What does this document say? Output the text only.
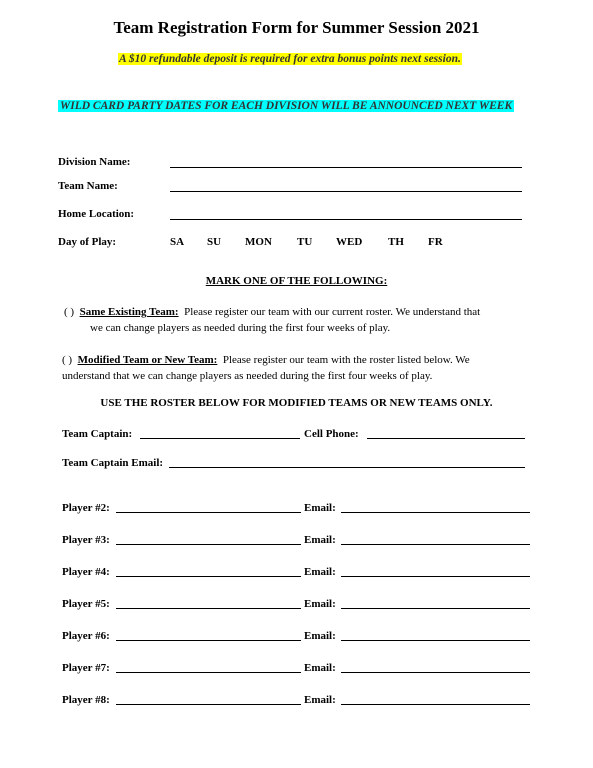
Team Registration Form for Summer Session 2021
A $10 refundable deposit is required for extra bonus points next session.
WILD CARD PARTY DATES FOR EACH DIVISION WILL BE ANNOUNCED NEXT WEEK
Division Name:
Team Name:
Home Location:
Day of Play:	SA SU MON TU WED TH FR
MARK ONE OF THE FOLLOWING:
( ) Same Existing Team: Please register our team with our current roster. We understand that
we can change players as needed during the first four weeks of play.
( ) Modified Team or New Team: Please register our team with the roster listed below. We
understand that we can change players as needed during the first four weeks of play.
USE THE ROSTER BELOW FOR MODIFIED TEAMS OR NEW TEAMS ONLY.
Team Captain:	Cell Phone:
Team Captain Email:
Player #2:	Email:
Player #3:	Email:
Player #4:	Email:
Player #5:	Email:
Player #6:	Email:
Player #7:	Email:
Player #8:	Email:
